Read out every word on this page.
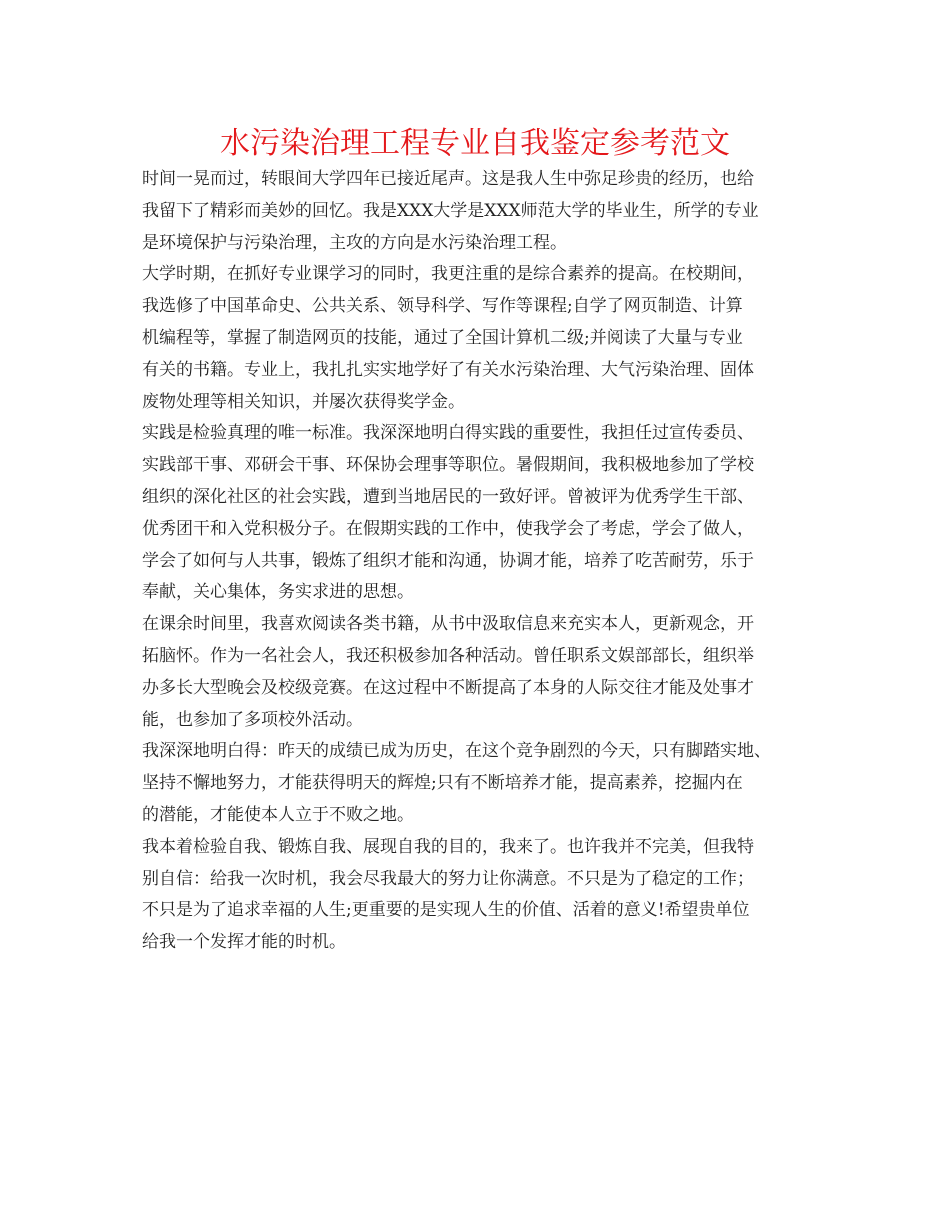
水污染治理工程专业自我鉴定参考范文
时间一晃而过，转眼间大学四年已接近尾声。这是我人生中弥足珍贵的经历，也给
我留下了精彩而美妙的回忆。我是XXX大学是XXX师范大学的毕业生，所学的专业
是环境保护与污染治理，主攻的方向是水污染治理工程。
大学时期，在抓好专业课学习的同时，我更注重的是综合素养的提高。在校期间，
我选修了中国革命史、公共关系、领导科学、写作等课程;自学了网页制造、计算
机编程等，掌握了制造网页的技能，通过了全国计算机二级;并阅读了大量与专业
有关的书籍。专业上，我扎扎实实地学好了有关水污染治理、大气污染治理、固体
废物处理等相关知识，并屡次获得奖学金。
实践是检验真理的唯一标准。我深深地明白得实践的重要性，我担任过宣传委员、
实践部干事、邓研会干事、环保协会理事等职位。暑假期间，我积极地参加了学校
组织的深化社区的社会实践，遭到当地居民的一致好评。曾被评为优秀学生干部、
优秀团干和入党积极分子。在假期实践的工作中，使我学会了考虑，学会了做人，
学会了如何与人共事，锻炼了组织才能和沟通，协调才能，培养了吃苦耐劳，乐于
奉献，关心集体，务实求进的思想。
在课余时间里，我喜欢阅读各类书籍，从书中汲取信息来充实本人，更新观念，开
拓脑怀。作为一名社会人，我还积极参加各种活动。曾任职系文娱部部长，组织举
办多长大型晚会及校级竞赛。在这过程中不断提高了本身的人际交往才能及处事才
能，也参加了多项校外活动。
我深深地明白得：昨天的成绩已成为历史，在这个竞争剧烈的今天，只有脚踏实地、
坚持不懈地努力，才能获得明天的辉煌;只有不断培养才能，提高素养，挖掘内在
的潜能，才能使本人立于不败之地。
我本着检验自我、锻炼自我、展现自我的目的，我来了。也许我并不完美，但我特
别自信：给我一次时机，我会尽我最大的努力让你满意。不只是为了稳定的工作；
不只是为了追求幸福的人生;更重要的是实现人生的价值、活着的意义!希望贵单位
给我一个发挥才能的时机。
